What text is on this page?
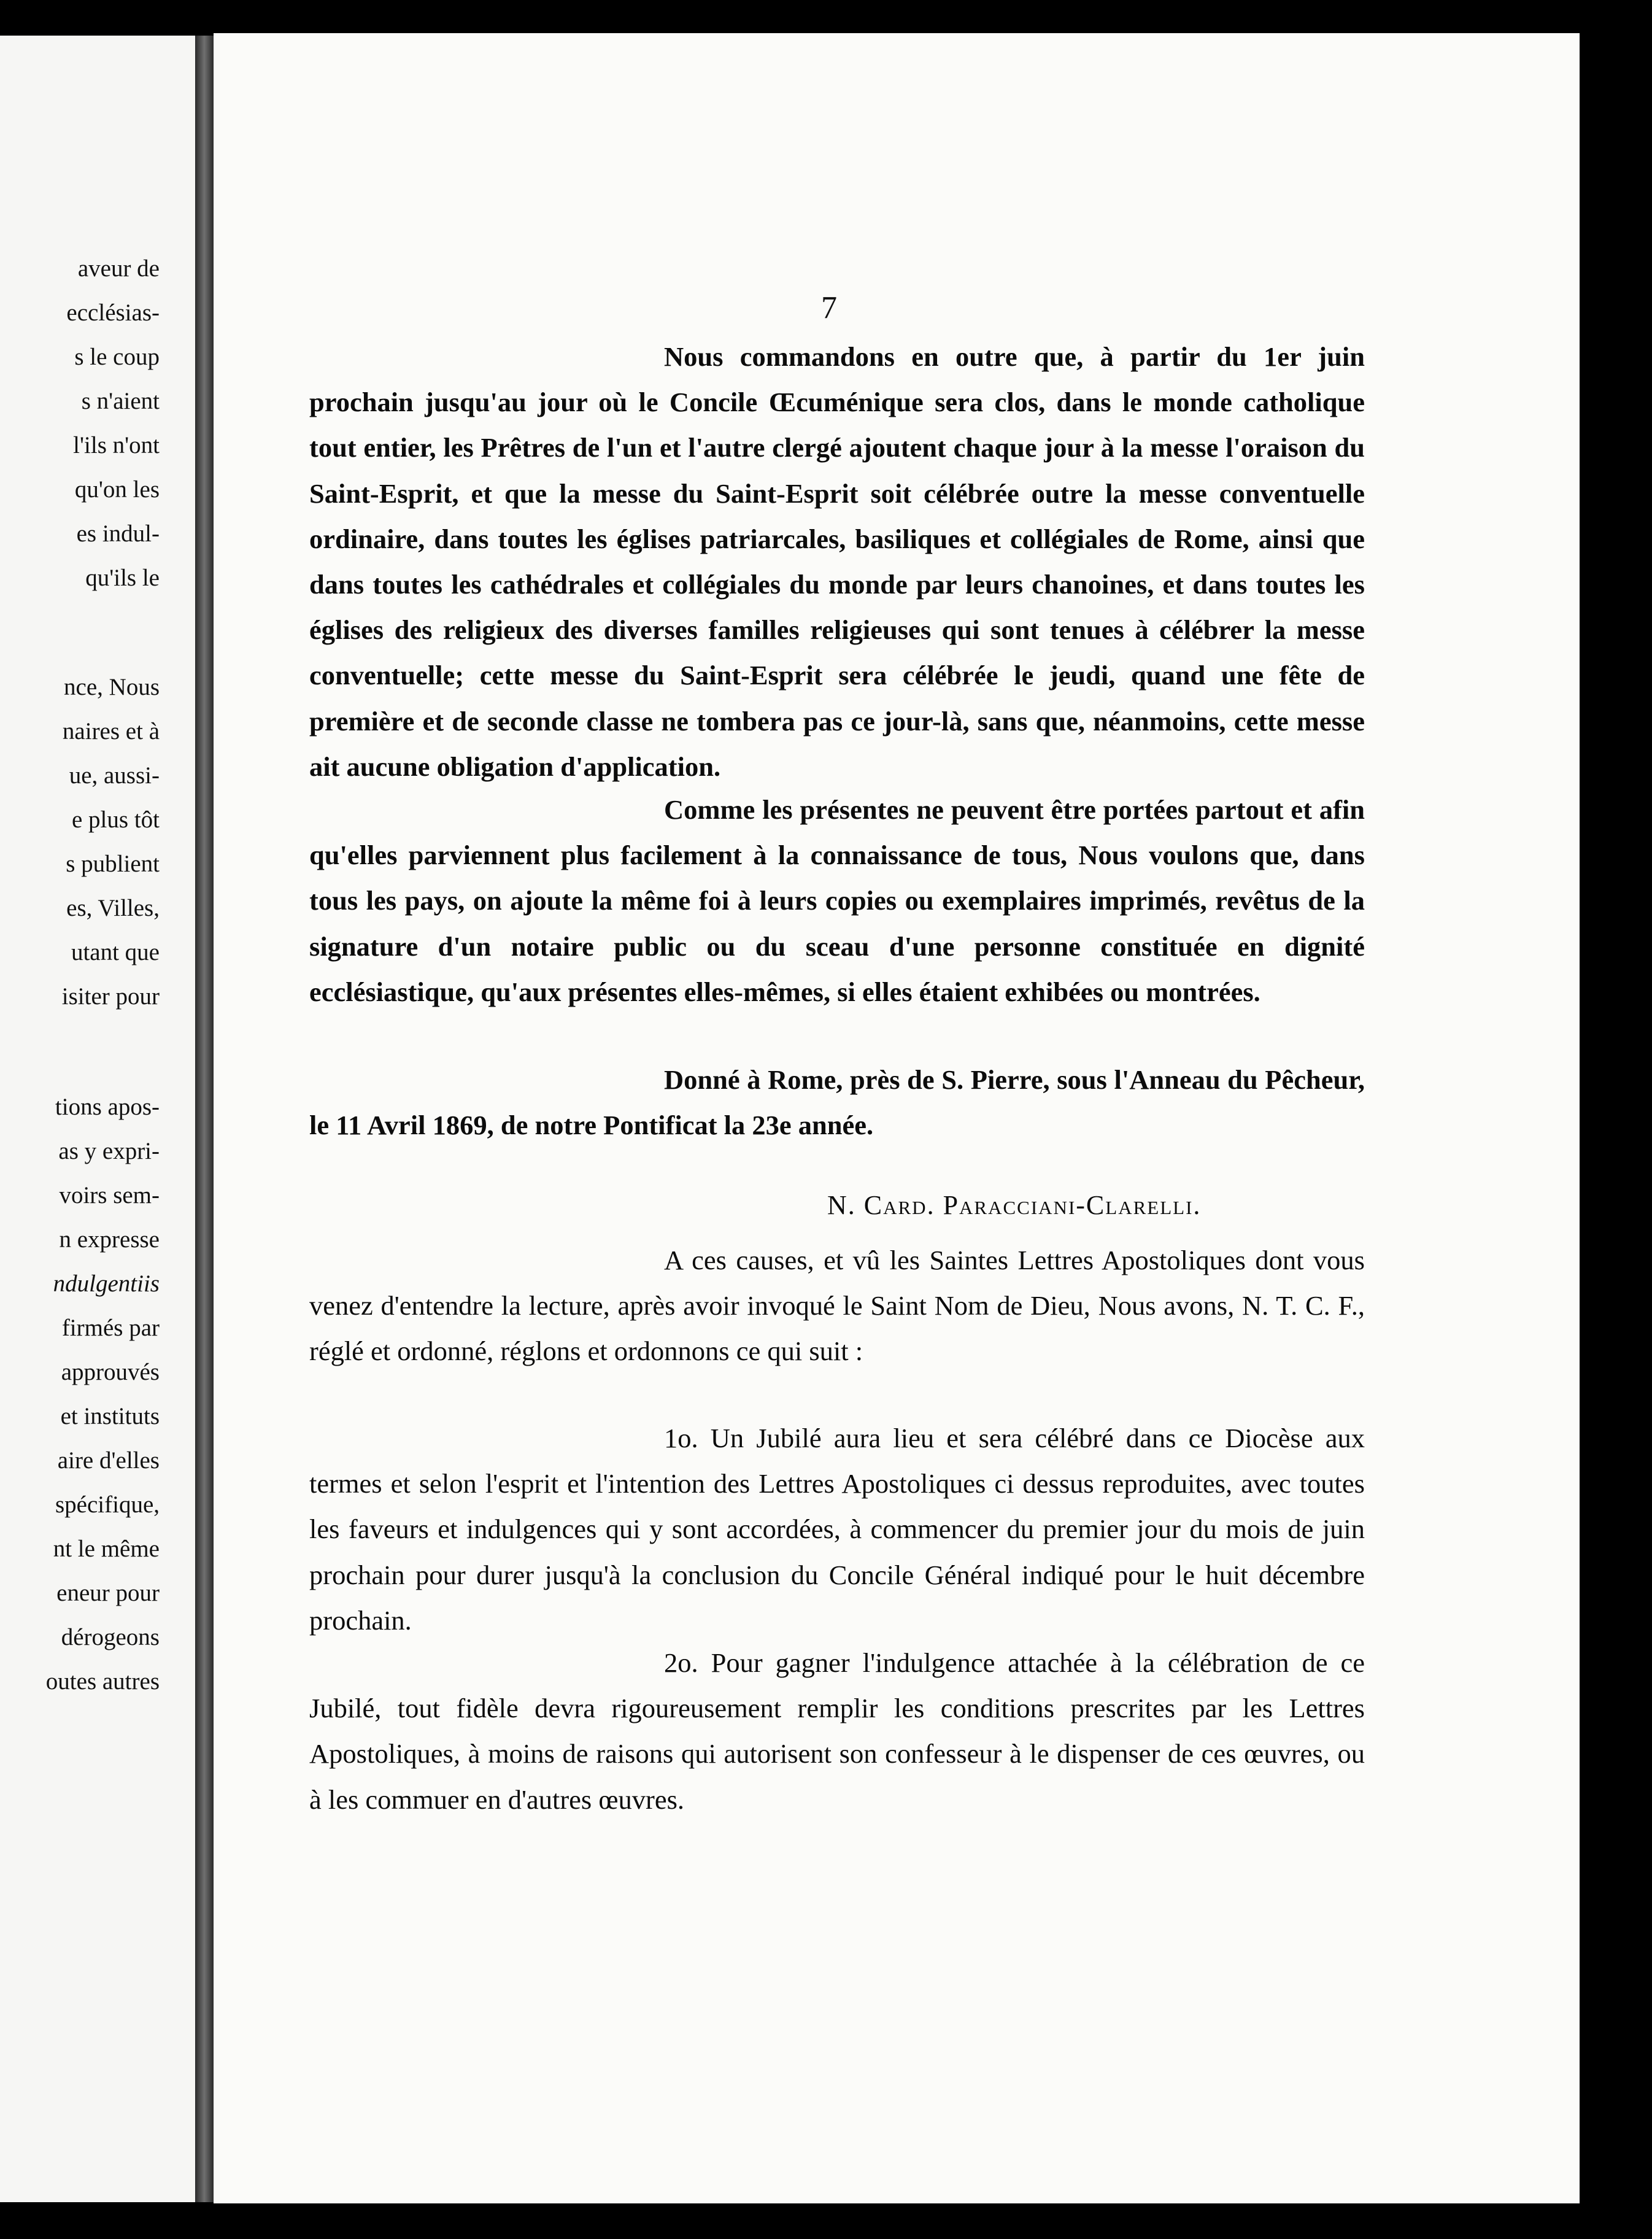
aveur de
ecclésias-
s le coup
s n'aient
l'ils n'ont
qu'on les
es indul-
qu'ils le
nce, Nous
naires et à
ue, aussi-
e plus tôt
s publient
es, Villes,
utant que
isiter pour
tions apos-
as y expri-
voirs sem-
n expresse
ndulgentiis
firmés par
approuvés
et instituts
aire d'elles
spécifique,
nt le même
eneur pour
dérogeons
outes autres
7

Nous commandons en outre que, à partir du 1er juin prochain jusqu'au jour où le Concile Œcuménique sera clos, dans le monde catholique tout entier, les Prêtres de l'un et l'autre clergé ajoutent chaque jour à la messe l'oraison du Saint-Esprit, et que la messe du Saint-Esprit soit célébrée outre la messe conventuelle ordinaire, dans toutes les églises patriarcales, basiliques et collégiales de Rome, ainsi que dans toutes les cathédrales et collégiales du monde par leurs chanoines, et dans toutes les églises des religieux des diverses familles religieuses qui sont tenues à célébrer la messe conventuelle; cette messe du Saint-Esprit sera célébrée le jeudi, quand une fête de première et de seconde classe ne tombera pas ce jour-là, sans que, néanmoins, cette messe ait aucune obligation d'application.

Comme les présentes ne peuvent être portées partout et afin qu'elles parviennent plus facilement à la connaissance de tous, Nous voulons que, dans tous les pays, on ajoute la même foi à leurs copies ou exemplaires imprimés, revêtus de la signature d'un notaire public ou du sceau d'une personne constituée en dignité ecclésiastique, qu'aux présentes elles-mêmes, si elles étaient exhibées ou montrées.

Donné à Rome, près de S. Pierre, sous l'Anneau du Pêcheur, le 11 Avril 1869, de notre Pontificat la 23e année.

N. Card. Paracciani-Clarelli.

A ces causes, et vû les Saintes Lettres Apostoliques dont vous venez d'entendre la lecture, après avoir invoqué le Saint Nom de Dieu, Nous avons, N. T. C. F., réglé et ordonné, réglons et ordonnons ce qui suit :

1o. Un Jubilé aura lieu et sera célébré dans ce Diocèse aux termes et selon l'esprit et l'intention des Lettres Apostoliques ci dessus reproduites, avec toutes les faveurs et indulgences qui y sont accordées, à commencer du premier jour du mois de juin prochain pour durer jusqu'à la conclusion du Concile Général indiqué pour le huit décembre prochain.

2o. Pour gagner l'indulgence attachée à la célébration de ce Jubilé, tout fidèle devra rigoureusement remplir les conditions prescrites par les Lettres Apostoliques, à moins de raisons qui autorisent son confesseur à le dispenser de ces œuvres, ou à les commuer en d'autres œuvres.
